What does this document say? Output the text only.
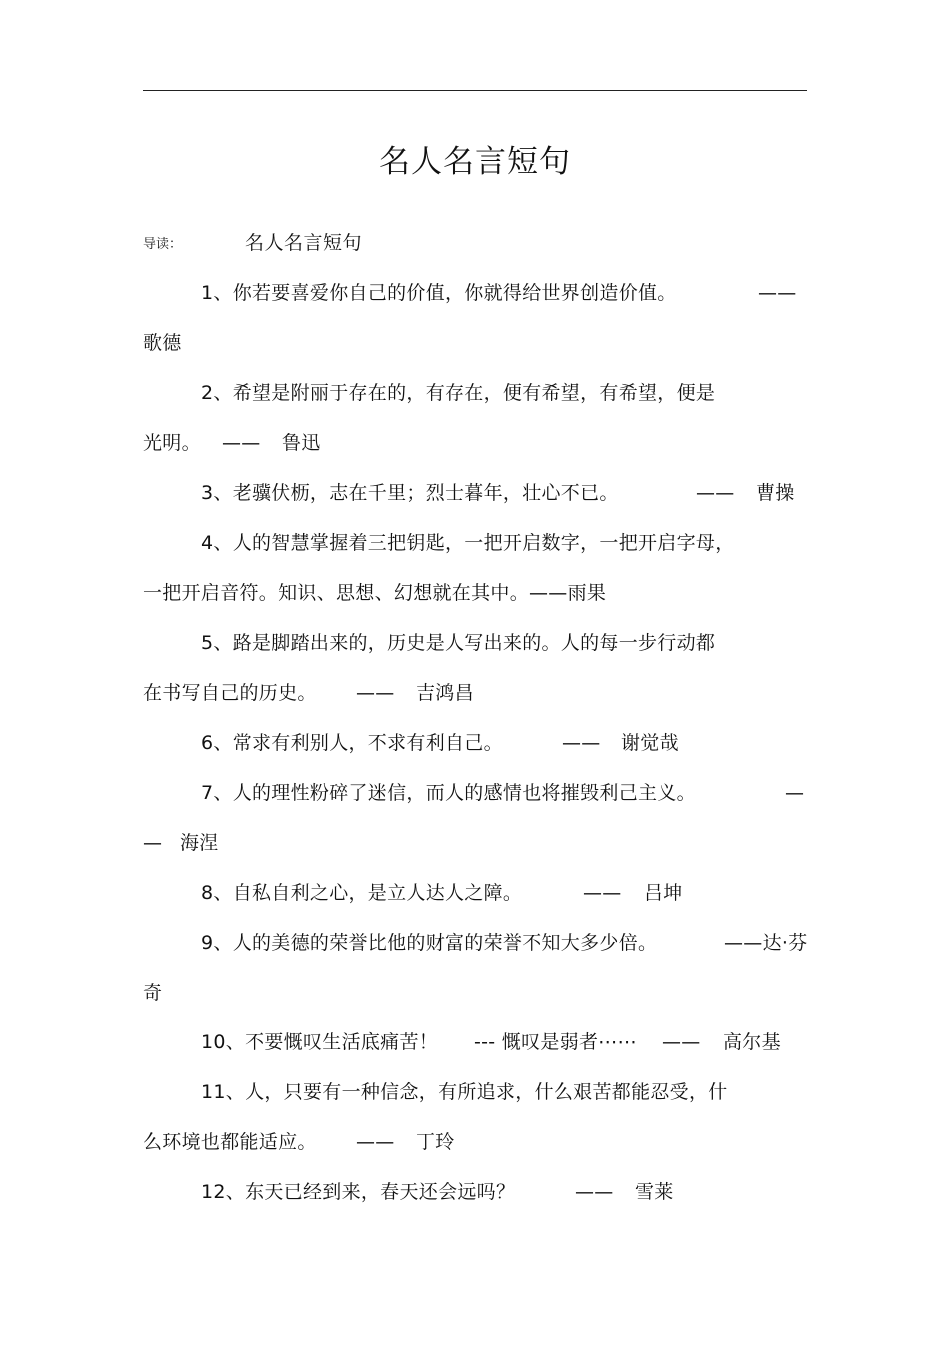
名人名言短句
导读：	名人名言短句
1、你若要喜爱你自己的价值，你就得给世界创造价值。	——
歌德
2、希望是附丽于存在的，有存在，便有希望，有希望，便是
光明。 —— 鲁迅
3、老骥伏枥，志在千里；烈士暮年，壮心不已。	—— 曹操
4、人的智慧掌握着三把钥匙，一把开启数字，一把开启字母，
一把开启音符。知识、思想、幻想就在其中。——雨果
5、路是脚踏出来的，历史是人写出来的。人的每一步行动都
在书写自己的历史。 —— 吉鸿昌
6、常求有利别人，不求有利自己。	—— 谢觉哉
7、人的理性粉碎了迷信，而人的感情也将摧毁利己主义。	—
— 海涅
8、自私自利之心，是立人达人之障。	—— 吕坤
9、人的美德的荣誉比他的财富的荣誉不知大多少倍。	——达·芬
奇
10、不要慨叹生活底痛苦！ --- 慨叹是弱者⋯⋯ —— 高尔基
11、人，只要有一种信念，有所追求，什么艰苦都能忍受，什
么环境也都能适应。 —— 丁玲
12、东天已经到来，春天还会远吗？	—— 雪莱
